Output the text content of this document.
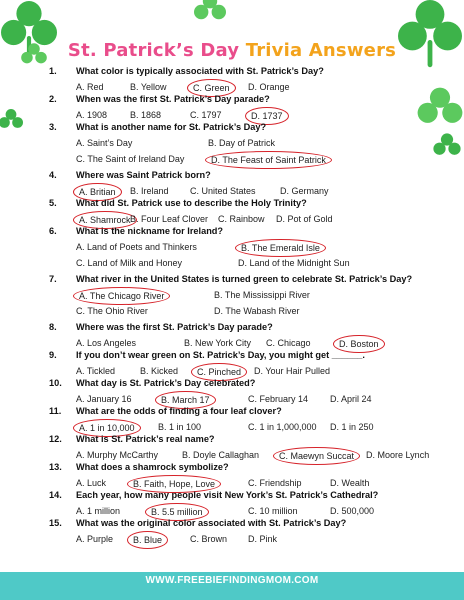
St. Patrick’s Day Trivia Answers
1. What color is typically associated with St. Patrick’s Day?
A. Red	B. Yellow	C. Green	D. Orange
2. When was the first St. Patrick’s Day parade?
A. 1908	B. 1868	C. 1797	D. 1737
3. What is another name for St. Patrick’s Day?
A. Saint’s Day	B. Day of Patrick
C. The Saint of Ireland Day	D. The Feast of Saint Patrick
4. Where was Saint Patrick born?
A. Britian	B. Ireland C. United States	D. Germany
5. What did St. Patrick use to describe the Holy Trinity?
A. Shamrock B. Four Leaf Clover C. Rainbow D. Pot of Gold
6. What is the nickname for Ireland?
A. Land of Poets and Thinkers	B. The Emerald Isle
C. Land of Milk and Honey	D. Land of the Midnight Sun
7. What river in the United States is turned green to celebrate St. Patrick’s Day?
A. The Chicago River	B. The Mississippi River
C. The Ohio River	D. The Wabash River
8. Where was the first St. Patrick’s Day parade?
A. Los Angeles	B. New York City C. Chicago	D. Boston
9. If you don’t wear green on St. Patrick’s Day, you might get ______.
A. Tickled	B. Kicked	C. Pinched	D. Your Hair Pulled
10. What day is St. Patrick’s Day celebrated?
A. January 16	B. March 17	C. February 14 D. April 24
11. What are the odds of finding a four leaf clover?
A. 1 in 10,000	B. 1 in 100	C. 1 in 1,000,000 D. 1 in 250
12. What is St. Patrick’s real name?
A. Murphy McCarthy	B. Doyle Callaghan	C. Maewyn Succat	D. Moore Lynch
13. What does a shamrock symbolize?
A. Luck	B. Faith, Hope, Love	C. Friendship	D. Wealth
14. Each year, how many people visit New York’s St. Patrick’s Cathedral?
A. 1 million	B. 5.5 million	C. 10 million	D. 500,000
15. What was the original color associated with St. Patrick’s Day?
A. Purple	B. Blue	C. Brown D. Pink
WWW.FREEBIEFINDINGMOM.COM
